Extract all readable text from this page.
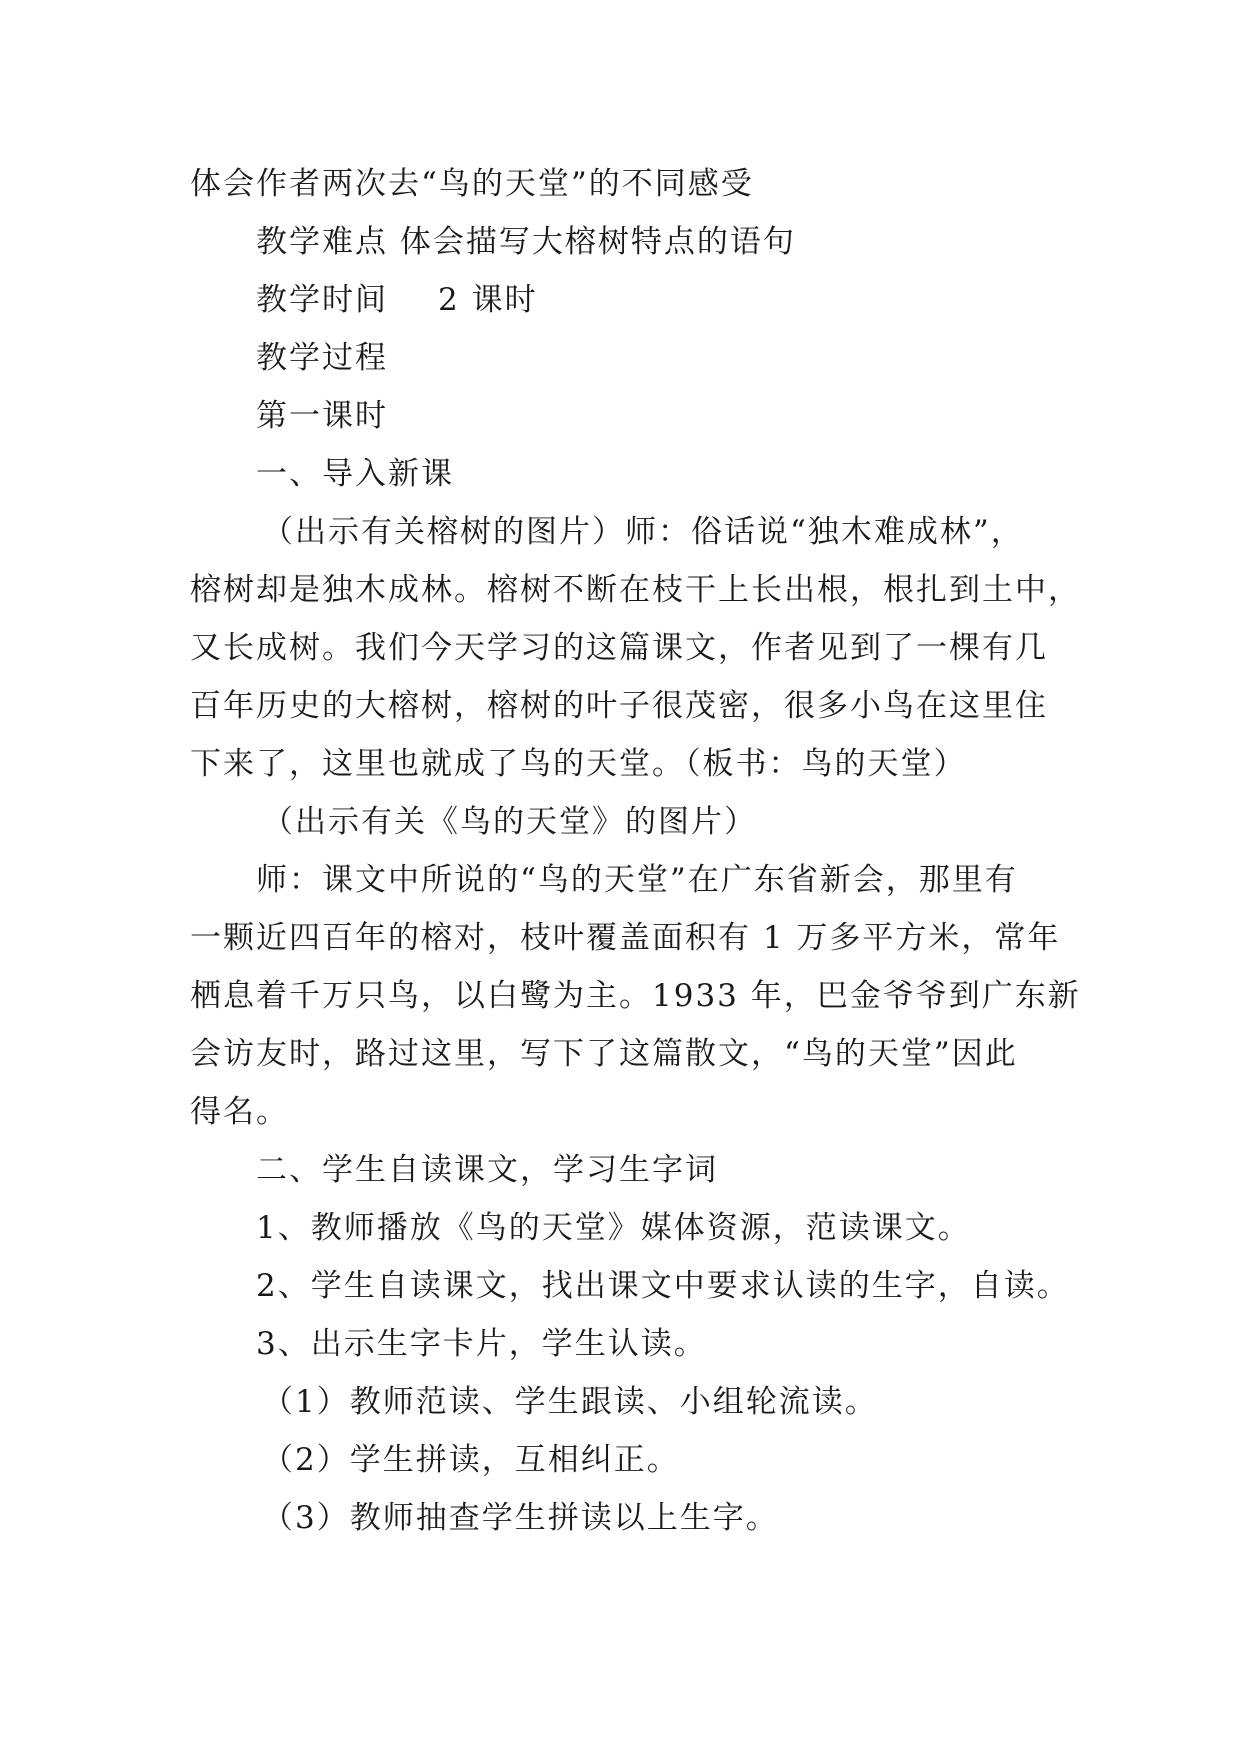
体会作者两次去“鸟的天堂”的不同感受
教学难点 体会描写大榕树特点的语句
教学时间 2 课时
教学过程
第一课时
一、导入新课
（出示有关榕树的图片）师：俗话说“独木难成林”，
榕树却是独木成林。榕树不断在枝干上长出根，根扎到土中，
又长成树。我们今天学习的这篇课文，作者见到了一棵有几
百年历史的大榕树，榕树的叶子很茂密，很多小鸟在这里住
下来了，这里也就成了鸟的天堂。（板书：鸟的天堂）
（出示有关《鸟的天堂》的图片）
师：课文中所说的“鸟的天堂”在广东省新会，那里有
一颗近四百年的榕对，枝叶覆盖面积有 1 万多平方米，常年
栖息着千万只鸟，以白鹭为主。1933 年，巴金爷爷到广东新
会访友时，路过这里，写下了这篇散文，“鸟的天堂”因此
得名。
二、学生自读课文，学习生字词
1、教师播放《鸟的天堂》媒体资源，范读课文。
2、学生自读课文，找出课文中要求认读的生字，自读。
3、出示生字卡片，学生认读。
（1）教师范读、学生跟读、小组轮流读。
（2）学生拼读，互相纠正。
（3）教师抽查学生拼读以上生字。
